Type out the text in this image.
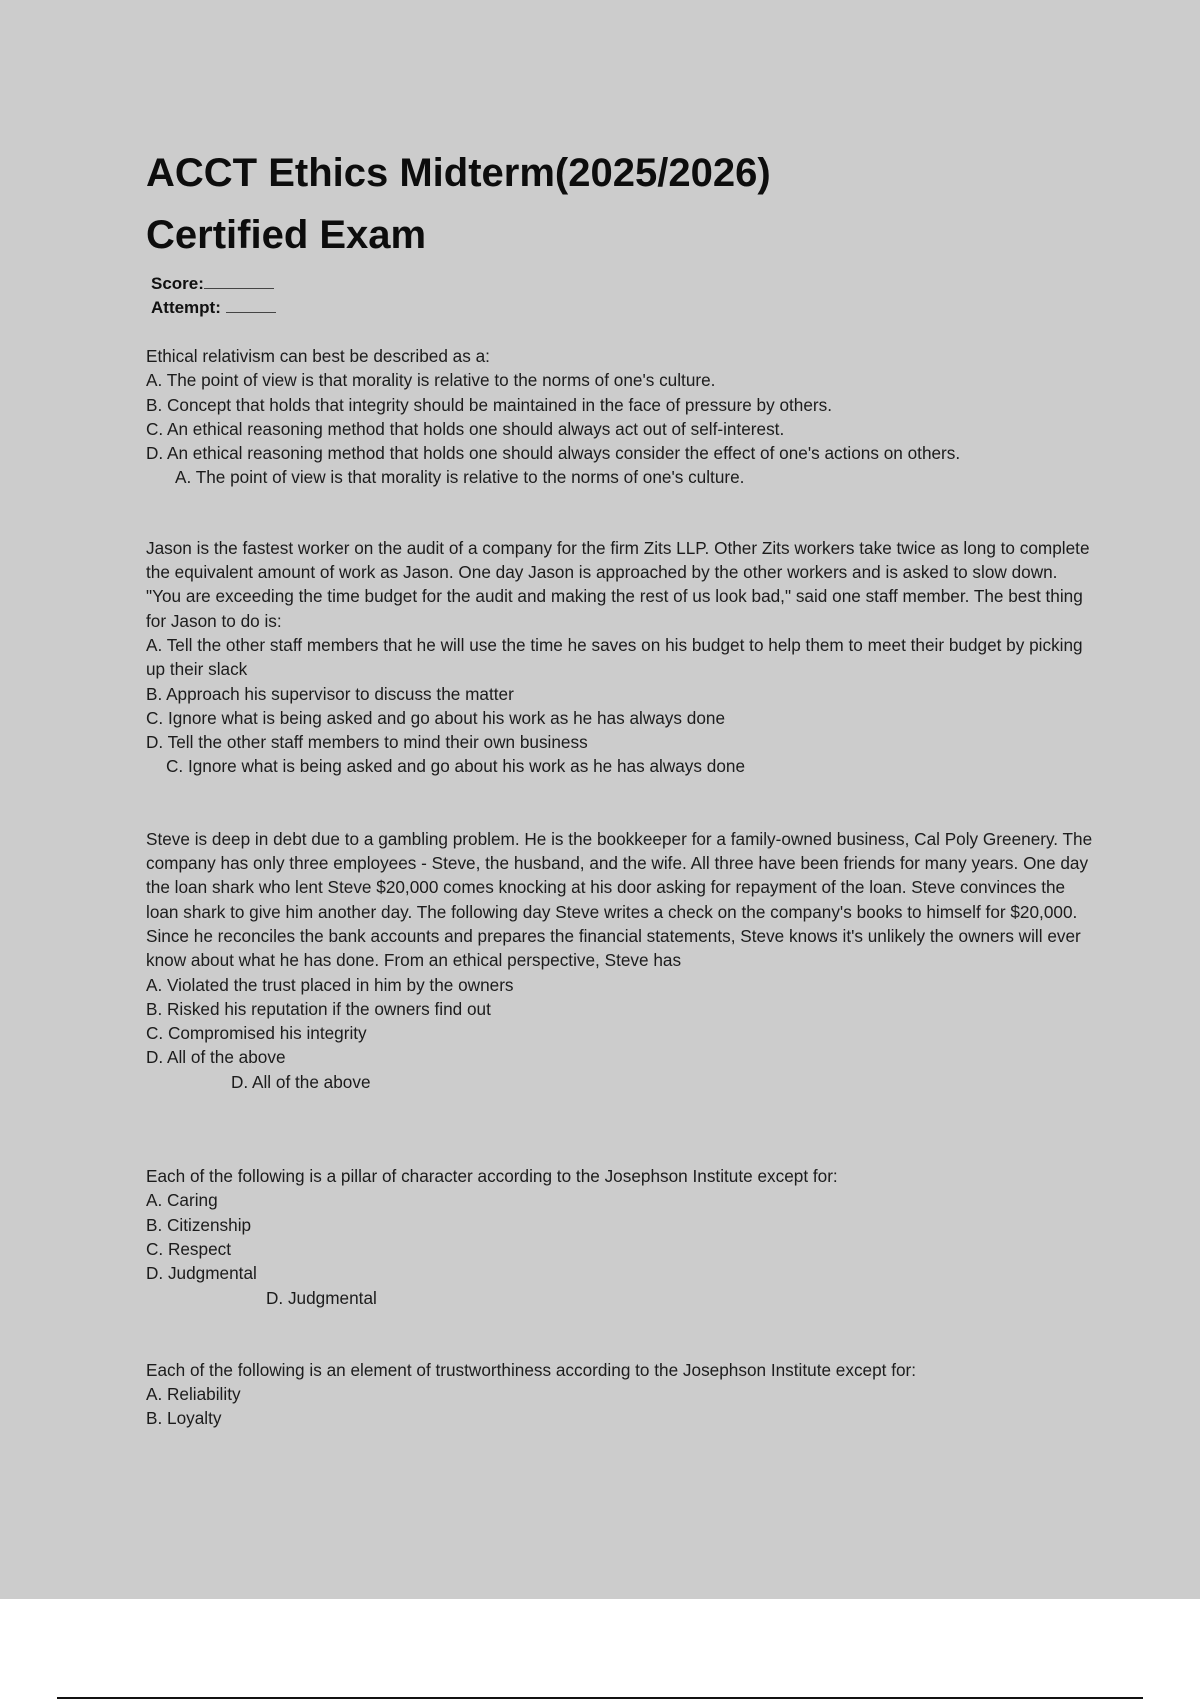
ACCT Ethics Midterm(2025/2026)
Certified Exam
Score:
Attempt:

Ethical relativism can best be described as a:

A. The point of view is that morality is relative to the norms of one's culture.

B. Concept that holds that integrity should be maintained in the face of pressure by others.

C. An ethical reasoning method that holds one should always act out of self-interest.

D. An ethical reasoning method that holds one should always consider the effect of one's actions on others.

A. The point of view is that morality is relative to the norms of one's culture.

Jason is the fastest worker on the audit of a company for the firm Zits LLP. Other Zits workers take twice as long to complete the equivalent amount of work as Jason. One day Jason is approached by the other workers and is asked to slow down. "You are exceeding the time budget for the audit and making the rest of us look bad," said one staff member. The best thing for Jason to do is:

A. Tell the other staff members that he will use the time he saves on his budget to help them to meet their budget by picking up their slack

B. Approach his supervisor to discuss the matter

C. Ignore what is being asked and go about his work as he has always done

D. Tell the other staff members to mind their own business

C. Ignore what is being asked and go about his work as he has always done

Steve is deep in debt due to a gambling problem. He is the bookkeeper for a family-owned business, Cal Poly Greenery. The company has only three employees - Steve, the husband, and the wife. All three have been friends for many years. One day the loan shark who lent Steve $20,000 comes knocking at his door asking for repayment of the loan. Steve convinces the loan shark to give him another day. The following day Steve writes a check on the company's books to himself for $20,000. Since he reconciles the bank accounts and prepares the financial statements, Steve knows it's unlikely the owners will ever know about what he has done. From an ethical perspective, Steve has

A. Violated the trust placed in him by the owners

B. Risked his reputation if the owners find out

C. Compromised his integrity

D. All of the above

D. All of the above

Each of the following is a pillar of character according to the Josephson Institute except for:

A. Caring

B. Citizenship

C. Respect

D. Judgmental

D. Judgmental

Each of the following is an element of trustworthiness according to the Josephson Institute except for:

A. Reliability

B. Loyalty
